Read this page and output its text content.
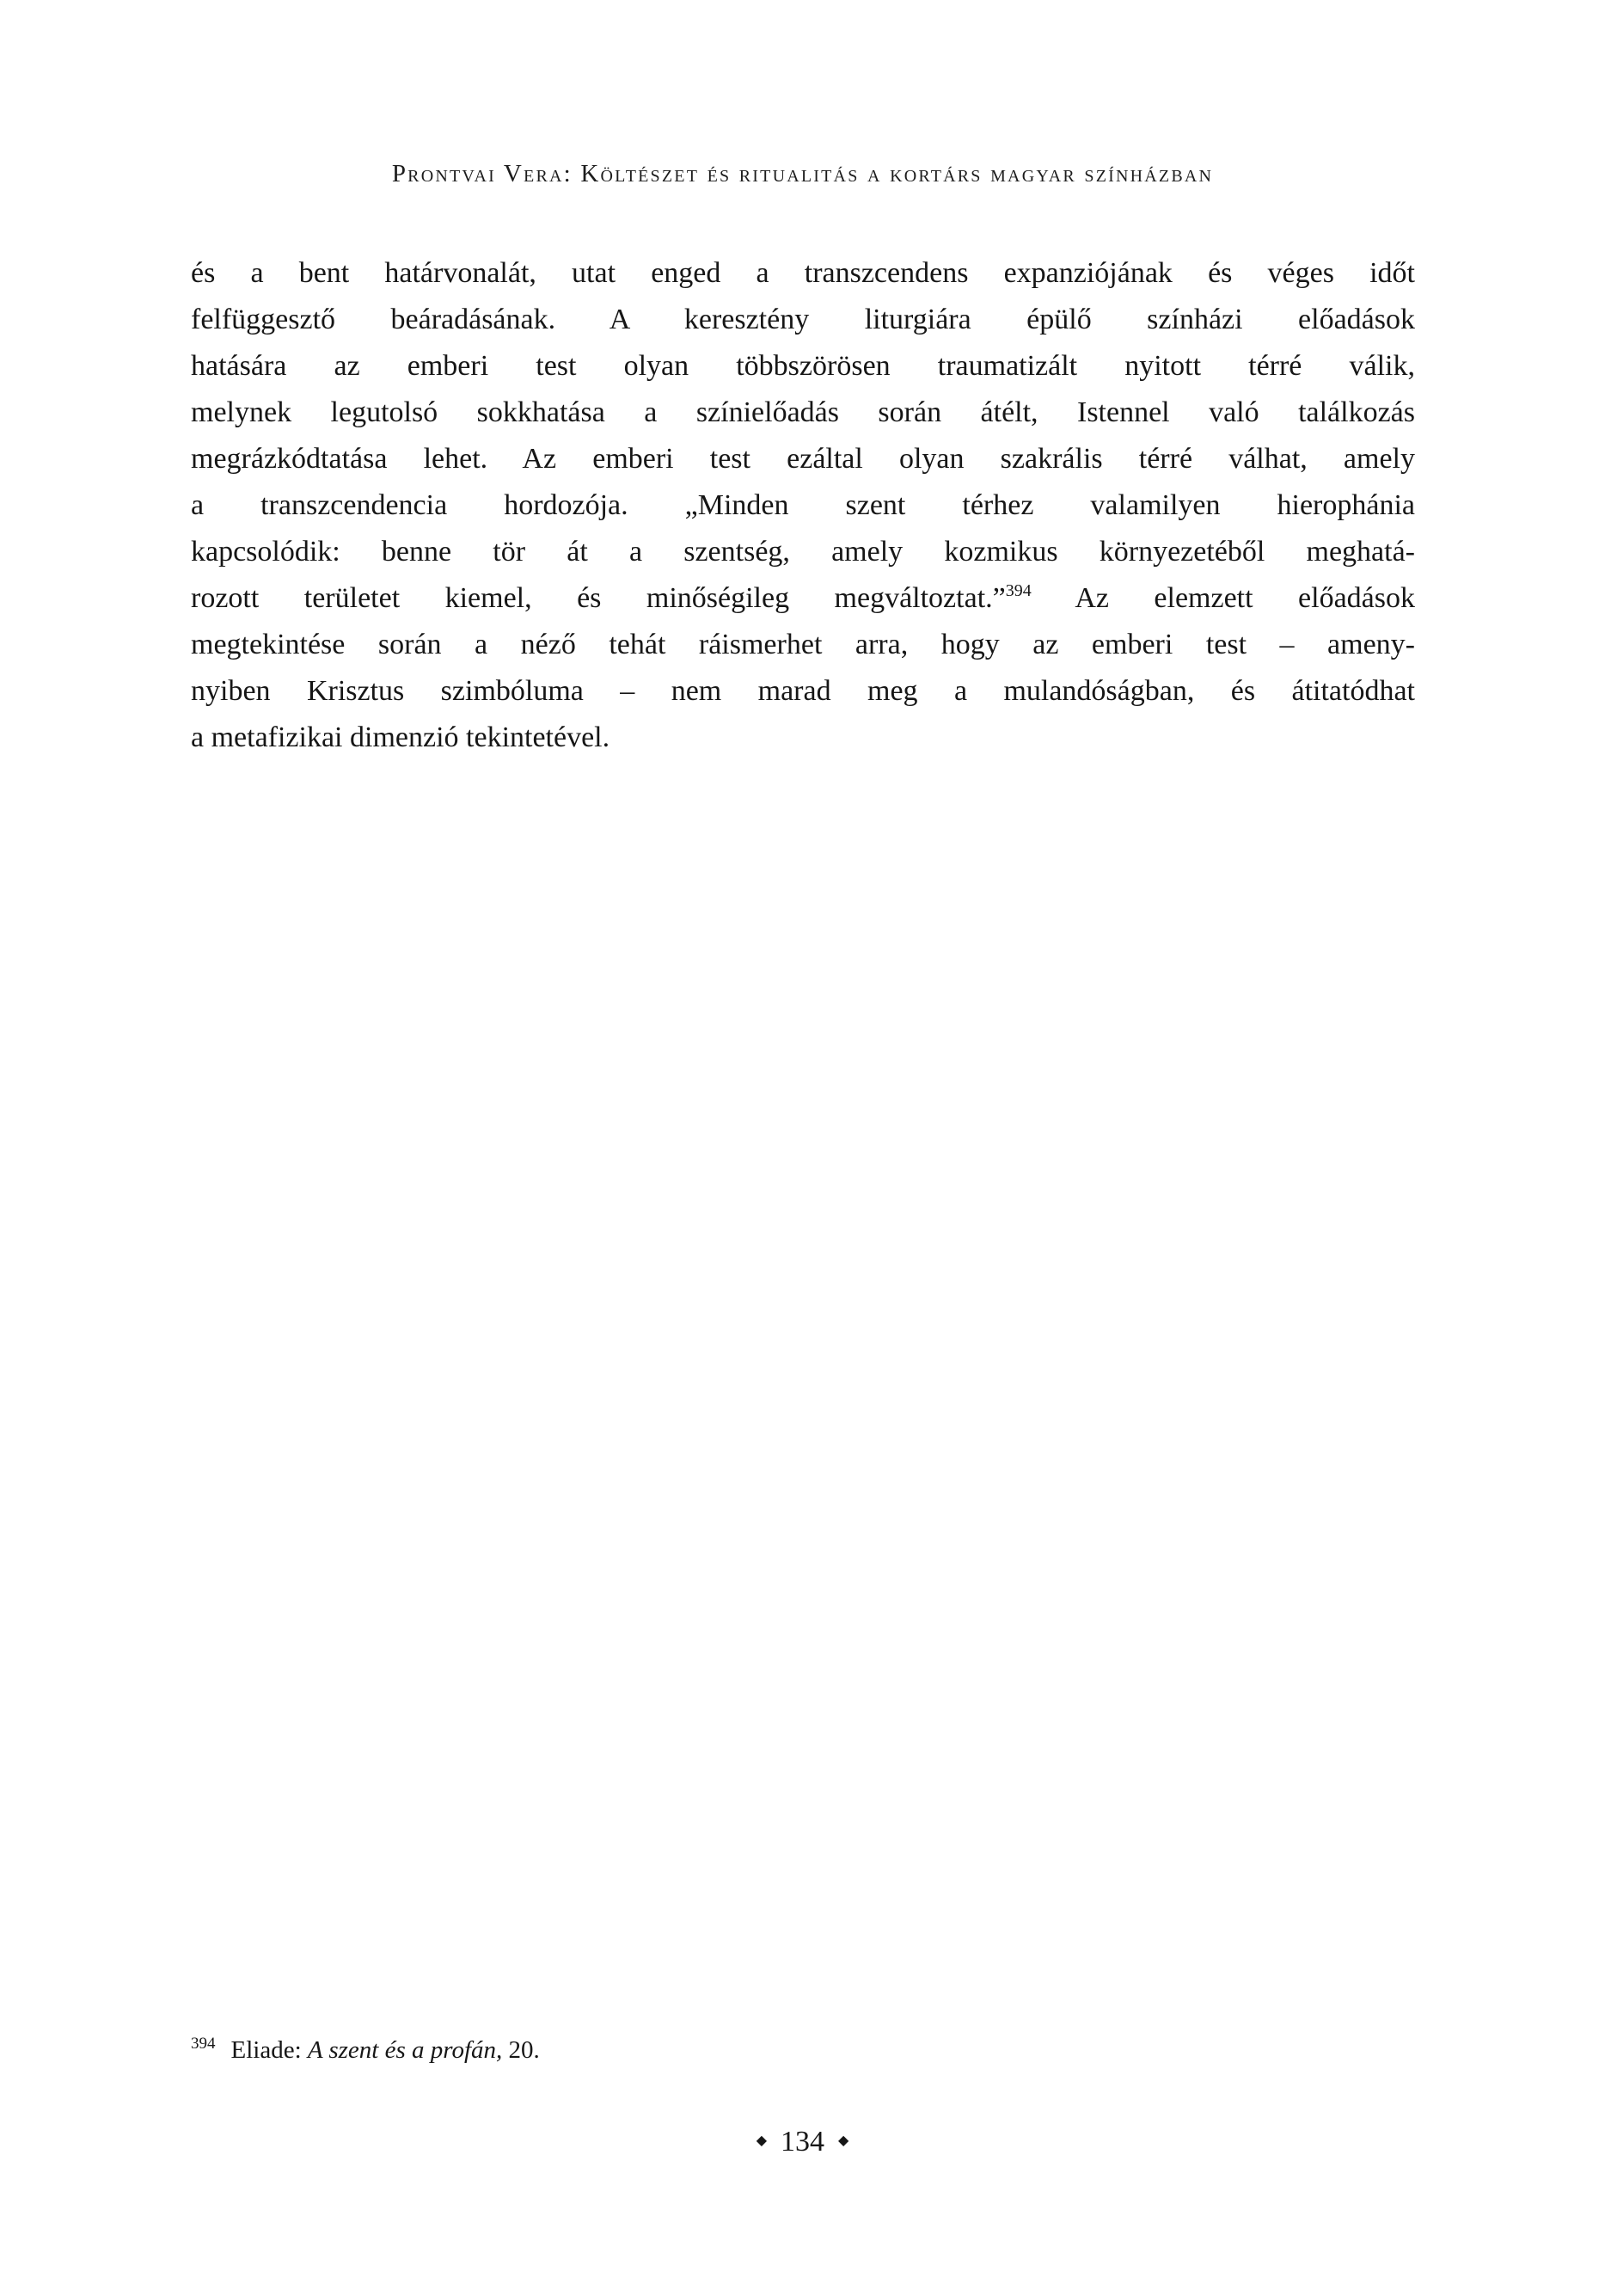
Prontvai Vera: Költészet és ritualitás a kortárs magyar színházban
és a bent határvonalát, utat enged a transzcendens expanziójának és véges időt
felfüggesztő beáradásának. A keresztény liturgiára épülő színházi előadások
hatására az emberi test olyan többszörösen traumatizált nyitott térré válik,
melynek legutolsó sokkhatása a színielőadás során átélt, Istennel való találkozás
megrázkódtatása lehet. Az emberi test ezáltal olyan szakrális térré válhat, amely
a transzcendencia hordozója. „Minden szent térhez valamilyen hierophánia
kapcsolódik: benne tör át a szentség, amely kozmikus környezetéből meghatá-
rozott területet kiemel, és minőségileg megváltoztat.”$^{394}$ Az elemzett előadások
megtekintése során a néző tehát ráismerhet arra, hogy az emberi test – ameny-
nyiben Krisztus szimbóluma – nem marad meg a mulandóságban, és átitatódhat
a metafizikai dimenzió tekintetével.
$^{394}$ Eliade: A szent és a profán, 20.
◆ 134 ◆
